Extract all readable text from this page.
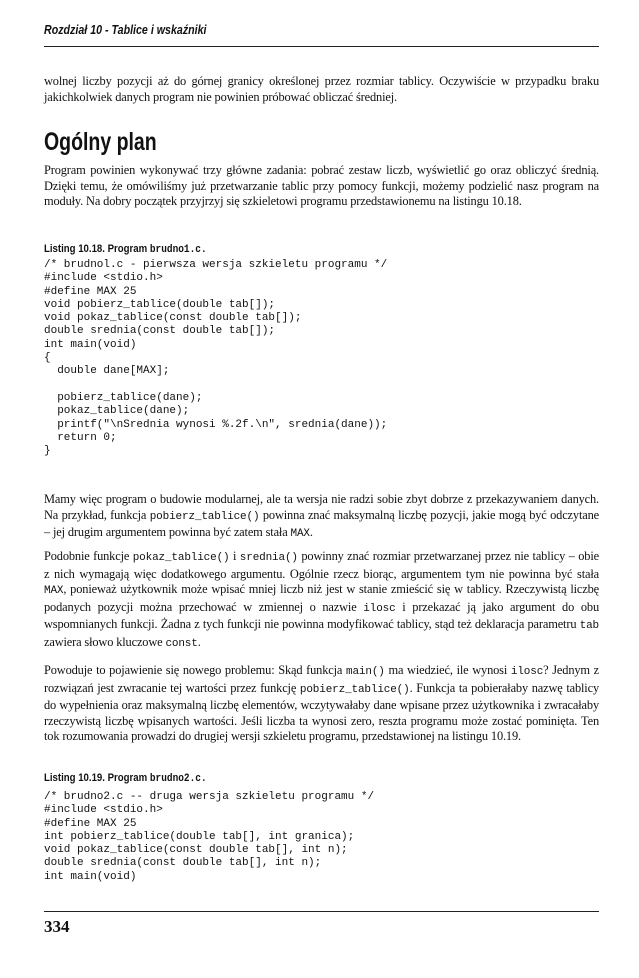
Rozdział 10 - Tablice i wskaźniki

wolnej liczby pozycji aż do górnej granicy określonej przez rozmiar tablicy. Oczywiście w przypadku braku jakichkolwiek danych program nie powinien próbować obliczać średniej.

Ogólny plan

Program powinien wykonywać trzy główne zadania: pobrać zestaw liczb, wyświetlić go oraz obliczyć średnią. Dzięki temu, że omówiliśmy już przetwarzanie tablic przy pomocy funkcji, możemy podzielić nasz program na moduły. Na dobry początek przyjrzyj się szkieletowi programu przedstawionemu na listingu 10.18.

Listing 10.18. Program brudno1.c.
/* brudnol.c - pierwsza wersja szkieletu programu */
#include <stdio.h>
#define MAX 25
void pobierz_tablice(double tab[]);
void pokaz_tablice(const double tab[]);
double srednia(const double tab[]);
int main(void)
{
double dane[MAX];
pobierz_tablice(dane);
pokaz_tablice(dane);
printf("\nSrednia wynosi %.2f.\n", srednia(dane));
return 0;
}

Mamy więc program o budowie modularnej, ale ta wersja nie radzi sobie zbyt dobrze z przekazywaniem danych. Na przykład, funkcja pobierz_tablice() powinna znać maksymalną liczbę pozycji, jakie mogą być odczytane – jej drugim argumentem powinna być zatem stała MAX.

Podobnie funkcje pokaz_tablice() i srednia() powinny znać rozmiar przetwarzanej przez nie tablicy – obie z nich wymagają więc dodatkowego argumentu. Ogólnie rzecz biorąc, argumentem tym nie powinna być stała MAX, ponieważ użytkownik może wpisać mniej liczb niż jest w stanie zmieścić się w tablicy. Rzeczywistą liczbę podanych pozycji można przechować w zmiennej o nazwie ilosc i przekazać ją jako argument do obu wspomnianych funkcji. Żadna z tych funkcji nie powinna modyfikować tablicy, stąd też deklaracja parametru tab zawiera słowo kluczowe const.

Powoduje to pojawienie się nowego problemu: Skąd funkcja main() ma wiedzieć, ile wynosi ilosc? Jednym z rozwiązań jest zwracanie tej wartości przez funkcję pobierz_tablice(). Funkcja ta pobierałaby nazwę tablicy do wypełnienia oraz maksymalną liczbę elementów, wczytywałaby dane wpisane przez użytkownika i zwracałaby rzeczywistą liczbę wpisanych wartości. Jeśli liczba ta wynosi zero, reszta programu może zostać pominięta. Ten tok rozumowania prowadzi do drugiej wersji szkieletu programu, przedstawionej na listingu 10.19.

Listing 10.19. Program brudno2.c.
/* brudno2.c -- druga wersja szkieletu programu */
#include <stdio.h>
#define MAX 25
int pobierz_tablice(double tab[], int granica);
void pokaz_tablice(const double tab[], int n);
double srednia(const double tab[], int n);
int main(void)
334
